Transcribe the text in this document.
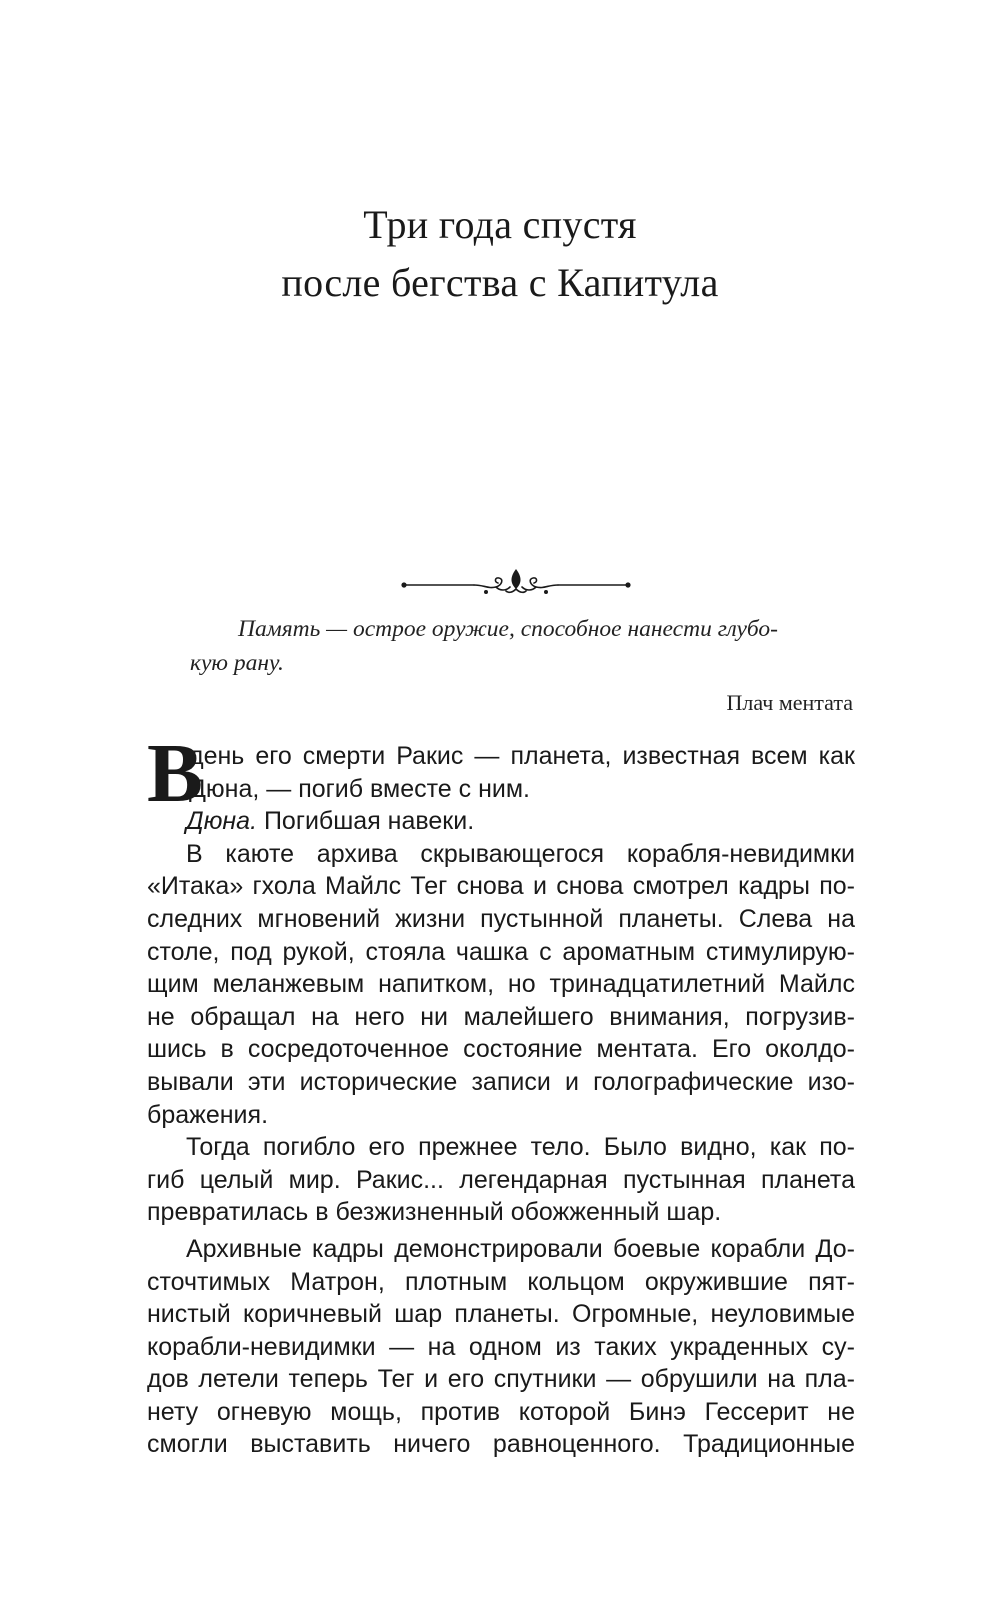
Три года спустя
после бегства с Капитула
Память — острое оружие, способное нанести глубо-
кую рану.
Плач ментата
В
день его смерти Ракис — планета, известная всем как
Дюна, — погиб вместе с ним.
Дюна. Погибшая навеки.
В каюте архива скрывающегося корабля-невидимки
«Итака» гхола Майлс Тег снова и снова смотрел кадры по-
следних мгновений жизни пустынной планеты. Слева на
столе, под рукой, стояла чашка с ароматным стимулирую-
щим меланжевым напитком, но тринадцатилетний Майлс
не обращал на него ни малейшего внимания, погрузив-
шись в сосредоточенное состояние ментата. Его околдо-
вывали эти исторические записи и голографические изо-
бражения.
Тогда погибло его прежнее тело. Было видно, как по-
гиб целый мир. Ракис... легендарная пустынная планета
превратилась в безжизненный обожженный шар.
Архивные кадры демонстрировали боевые корабли До-
сточтимых Матрон, плотным кольцом окружившие пят-
нистый коричневый шар планеты. Огромные, неуловимые
корабли-невидимки — на одном из таких украденных су-
дов летели теперь Тег и его спутники — обрушили на пла-
нету огневую мощь, против которой Бинэ Гессерит не
смогли выставить ничего равноценного. Традиционные
